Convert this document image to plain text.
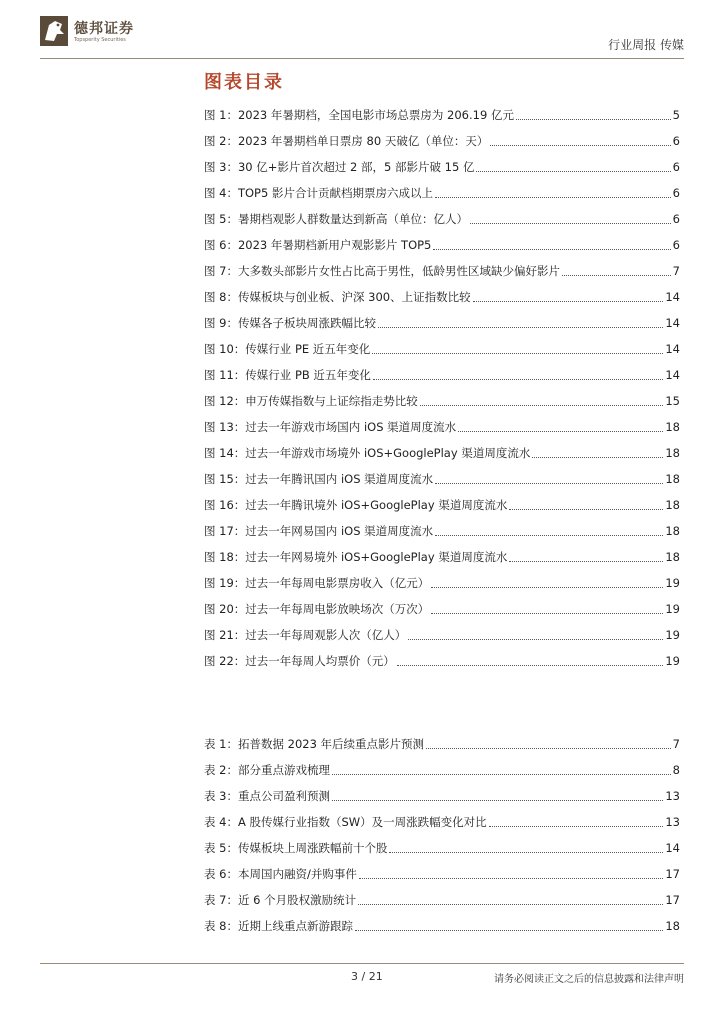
德邦证券
Topsperity Securities	行业周报 传媒
图表目录
图 1：2023 年暑期档，全国电影市场总票房为 206.19 亿元	5
图 2：2023 年暑期档单日票房 80 天破亿（单位：天）	6
图 3：30 亿+影片首次超过 2 部，5 部影片破 15 亿	6
图 4：TOP5 影片合计贡献档期票房六成以上	6
图 5：暑期档观影人群数量达到新高（单位：亿人）	6
图 6：2023 年暑期档新用户观影影片 TOP5	6
图 7：大多数头部影片女性占比高于男性，低龄男性区域缺少偏好影片	7
图 8：传媒板块与创业板、沪深 300、上证指数比较	14
图 9：传媒各子板块周涨跌幅比较	14
图 10：传媒行业 PE 近五年变化	14
图 11：传媒行业 PB 近五年变化	14
图 12：申万传媒指数与上证综指走势比较	15
图 13：过去一年游戏市场国内 iOS 渠道周度流水	18
图 14：过去一年游戏市场境外 iOS+GooglePlay 渠道周度流水	18
图 15：过去一年腾讯国内 iOS 渠道周度流水	18
图 16：过去一年腾讯境外 iOS+GooglePlay 渠道周度流水	18
图 17：过去一年网易国内 iOS 渠道周度流水	18
图 18：过去一年网易境外 iOS+GooglePlay 渠道周度流水	18
图 19：过去一年每周电影票房收入（亿元）	19
图 20：过去一年每周电影放映场次（万次）	19
图 21：过去一年每周观影人次（亿人）	19
图 22：过去一年每周人均票价（元）	19
表 1：拓普数据 2023 年后续重点影片预测	7
表 2：部分重点游戏梳理	8
表 3：重点公司盈利预测	13
表 4：A 股传媒行业指数（SW）及一周涨跌幅变化对比	13
表 5：传媒板块上周涨跌幅前十个股	14
表 6：本周国内融资/并购事件	17
表 7：近 6 个月股权激励统计	17
表 8：近期上线重点新游跟踪	18
3 / 21	请务必阅读正文之后的信息披露和法律声明
